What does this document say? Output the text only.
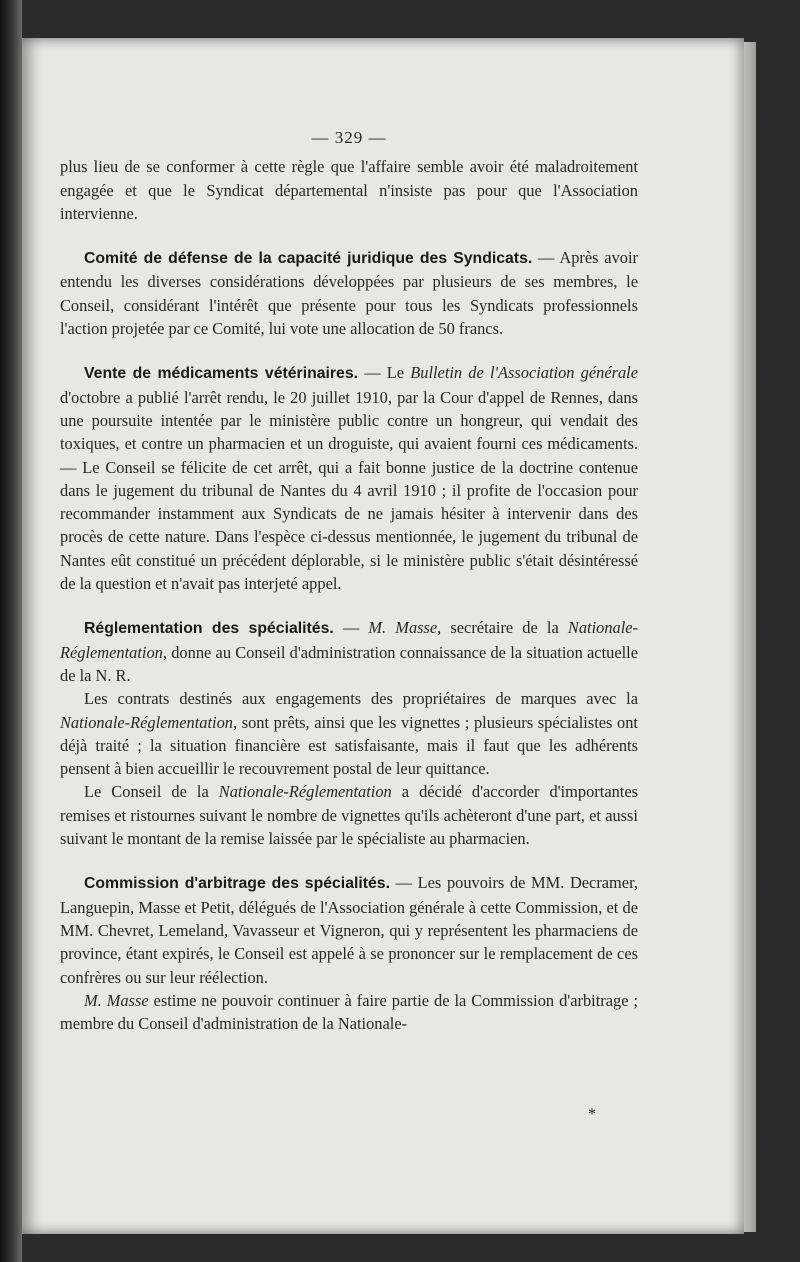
— 329 —

plus lieu de se conformer à cette règle que l'affaire semble avoir été maladroitement engagée et que le Syndicat départemental n'insiste pas pour que l'Association intervienne.

Comité de défense de la capacité juridique des Syndicats. — Après avoir entendu les diverses considérations développées par plusieurs de ses membres, le Conseil, considérant l'intérêt que présente pour tous les Syndicats professionnels l'action projetée par ce Comité, lui vote une allocation de 50 francs.

Vente de médicaments vétérinaires. — Le Bulletin de l'Association générale d'octobre a publié l'arrêt rendu, le 20 juillet 1910, par la Cour d'appel de Rennes, dans une poursuite intentée par le ministère public contre un hongreur, qui vendait des toxiques, et contre un pharmacien et un droguiste, qui avaient fourni ces médicaments. — Le Conseil se félicite de cet arrêt, qui a fait bonne justice de la doctrine contenue dans le jugement du tribunal de Nantes du 4 avril 1910 ; il profite de l'occasion pour recommander instamment aux Syndicats de ne jamais hésiter à intervenir dans des procès de cette nature. Dans l'espèce ci-dessus mentionnée, le jugement du tribunal de Nantes eût constitué un précédent déplorable, si le ministère public s'était désintéressé de la question et n'avait pas interjeté appel.

Réglementation des spécialités. — M. Masse, secrétaire de la Nationale-Réglementation, donne au Conseil d'administration connaissance de la situation actuelle de la N. R.

Les contrats destinés aux engagements des propriétaires de marques avec la Nationale-Réglementation, sont prêts, ainsi que les vignettes ; plusieurs spécialistes ont déjà traité ; la situation financière est satisfaisante, mais il faut que les adhérents pensent à bien accueillir le recouvrement postal de leur quittance.

Le Conseil de la Nationale-Réglementation a décidé d'accorder d'importantes remises et ristournes suivant le nombre de vignettes qu'ils achèteront d'une part, et aussi suivant le montant de la remise laissée par le spécialiste au pharmacien.

Commission d'arbitrage des spécialités. — Les pouvoirs de MM. Decramer, Languepin, Masse et Petit, délégués de l'Association générale à cette Commission, et de MM. Chevret, Lemeland, Vavasseur et Vigneron, qui y représentent les pharmaciens de province, étant expirés, le Conseil est appelé à se prononcer sur le remplacement de ces confrères ou sur leur réélection.

M. Masse estime ne pouvoir continuer à faire partie de la Commission d'arbitrage ; membre du Conseil d'administration de la Nationale-

*
